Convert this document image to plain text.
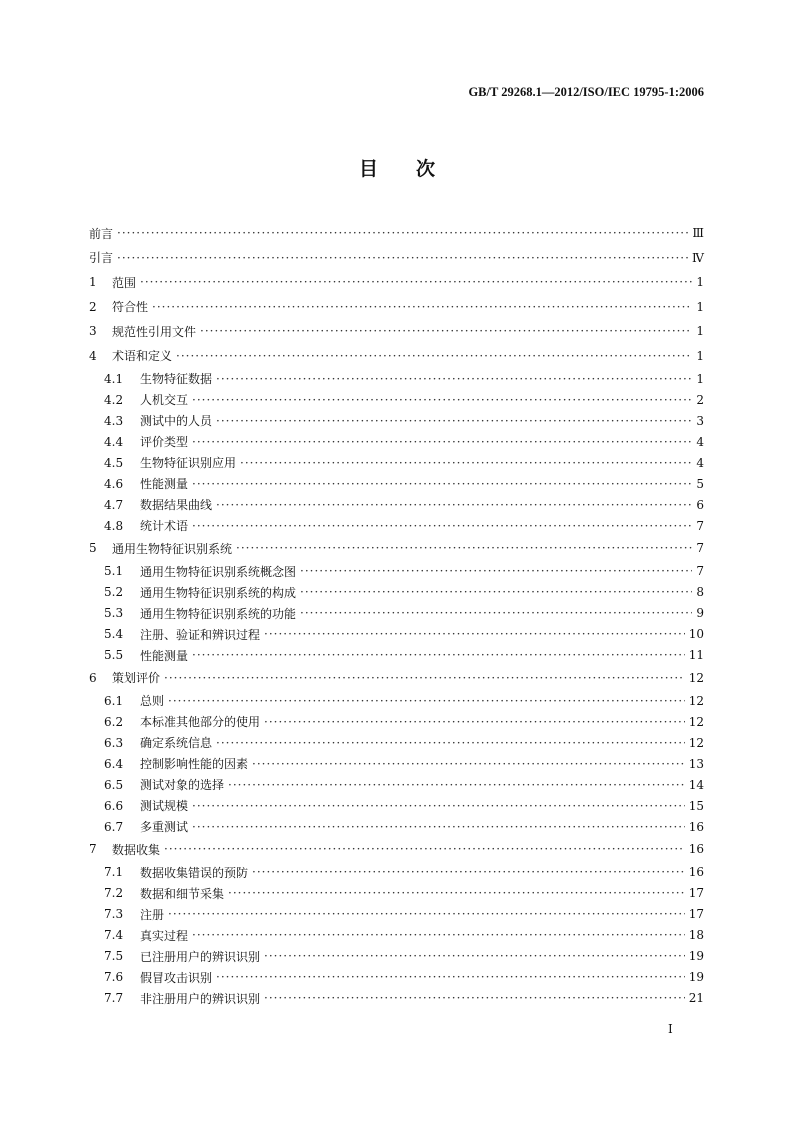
GB/T 29268.1—2012/ISO/IEC 19795-1:2006
目次
前言 ·····	Ⅲ
引言 ·····	Ⅳ
1	范围 ·····	1
2	符合性 ·····	1
3	规范性引用文件 ·····	1
4	术语和定义 ·····	1
4.1	生物特征数据 ·····	1
4.2	人机交互 ·····	2
4.3	测试中的人员 ·····	3
4.4	评价类型 ·····	4
4.5	生物特征识别应用 ·····	4
4.6	性能测量 ·····	5
4.7	数据结果曲线 ·····	6
4.8	统计术语 ·····	7
5	通用生物特征识别系统 ·····	7
5.1	通用生物特征识别系统概念图 ·····	7
5.2	通用生物特征识别系统的构成 ·····	8
5.3	通用生物特征识别系统的功能 ·····	9
5.4	注册、验证和辨识过程 ·····	10
5.5	性能测量 ·····	11
6	策划评价 ·····	12
6.1	总则 ·····	12
6.2	本标准其他部分的使用 ·····	12
6.3	确定系统信息 ·····	12
6.4	控制影响性能的因素 ·····	13
6.5	测试对象的选择 ·····	14
6.6	测试规模 ·····	15
6.7	多重测试 ·····	16
7	数据收集 ·····	16
7.1	数据收集错误的预防 ·····	16
7.2	数据和细节采集 ·····	17
7.3	注册 ·····	17
7.4	真实过程 ·····	18
7.5	已注册用户的辨识识别 ·····	19
7.6	假冒攻击识别 ·····	19
7.7	非注册用户的辨识识别 ·····	21
I
